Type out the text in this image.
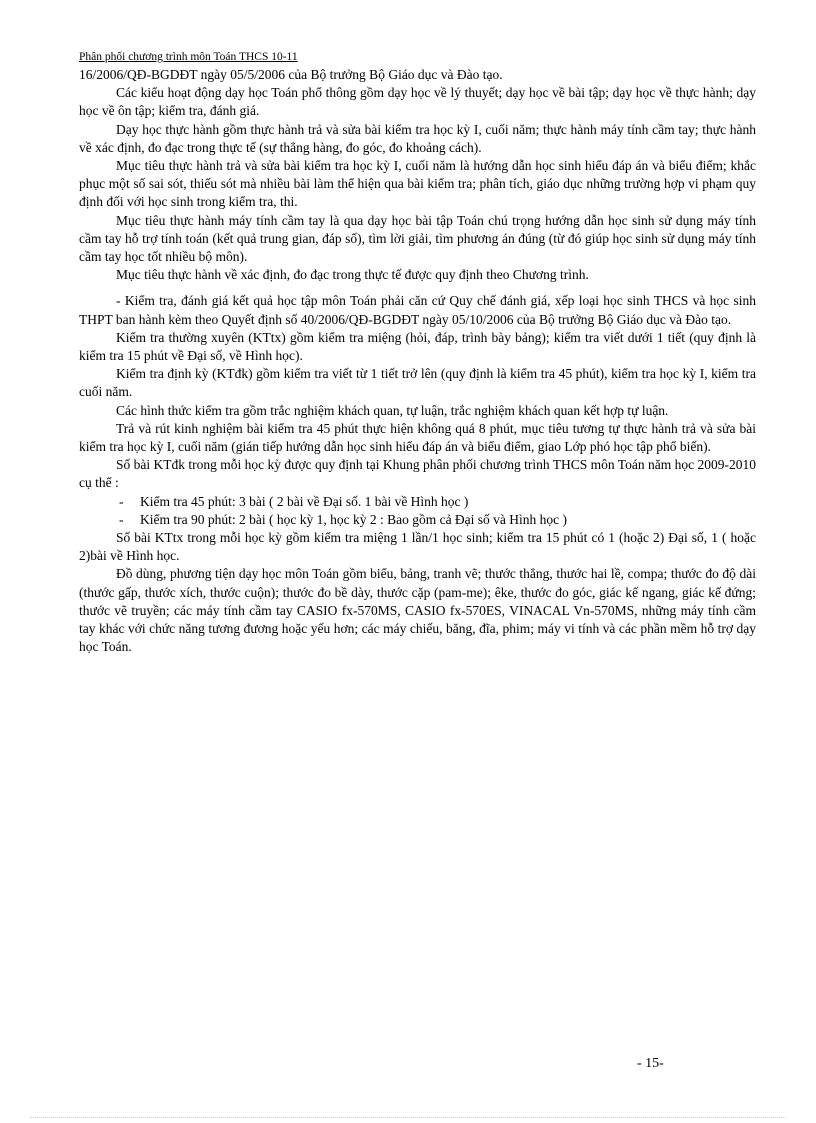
Phân phối chương trình môn Toán THCS 10-11

16/2006/QĐ-BGDĐT ngày 05/5/2006 của Bộ trưởng Bộ Giáo dục và Đào tạo.

Các kiểu hoạt động dạy học Toán phổ thông gồm dạy học về lý thuyết; dạy học về bài tập; dạy học về thực hành; dạy học về ôn tập; kiểm tra, đánh giá.

Dạy học thực hành gồm thực hành trả và sửa bài kiểm tra học kỳ I, cuối năm; thực hành máy tính cầm tay; thực hành về xác định, đo đạc trong thực tế (sự thẳng hàng, đo góc, đo khoảng cách).

Mục tiêu thực hành trả và sửa bài kiểm tra học kỳ I, cuối năm là hướng dẫn học sinh hiểu đáp án và biểu điểm; khắc phục một số sai sót, thiếu sót mà nhiều bài làm thể hiện qua bài kiểm tra; phân tích, giáo dục những trường hợp vi phạm quy định đối với học sinh trong kiểm tra, thi.

Mục tiêu thực hành máy tính cầm tay là qua dạy học bài tập Toán chú trọng hướng dẫn học sinh sử dụng máy tính cầm tay hỗ trợ tính toán (kết quả trung gian, đáp số), tìm lời giải, tìm phương án đúng (từ đó giúp học sinh sử dụng máy tính cầm tay học tốt nhiều bộ môn).

Mục tiêu thực hành về xác định, đo đạc trong thực tế được quy định theo Chương trình.

- Kiểm tra, đánh giá kết quả học tập môn Toán phải căn cứ Quy chế đánh giá, xếp loại học sinh THCS và học sinh THPT ban hành kèm theo Quyết định số 40/2006/QĐ-BGDĐT ngày 05/10/2006 của Bộ trưởng Bộ Giáo dục và Đào tạo.

Kiểm tra thường xuyên (KTtx) gồm kiểm tra miệng (hỏi, đáp, trình bày bảng); kiểm tra viết dưới 1 tiết (quy định là kiểm tra 15 phút về Đại số, về Hình học).

Kiểm tra định kỳ (KTđk) gồm kiểm tra viết từ 1 tiết trở lên (quy định là kiểm tra 45 phút), kiểm tra học kỳ I, kiểm tra cuối năm.

Các hình thức kiểm tra gồm trắc nghiệm khách quan, tự luận, trắc nghiệm khách quan kết hợp tự luận.

Trả và rút kinh nghiệm bài kiểm tra 45 phút thực hiện không quá 8 phút, mục tiêu tương tự thực hành trả và sửa bài kiểm tra học kỳ I, cuối năm (gián tiếp hướng dẫn học sinh hiểu đáp án và biểu điểm, giao Lớp phó học tập phổ biến).

Số bài KTđk trong mỗi học kỳ được quy định tại Khung phân phối chương trình THCS môn Toán năm học 2009-2010 cụ thể :

- Kiểm tra 45 phút: 3 bài ( 2 bài về Đại số. 1 bài về Hình học )
- Kiểm tra 90 phút: 2 bài ( học kỳ 1, học kỳ 2 : Bao gồm cả Đại số và Hình học )

Số bài KTtx trong mỗi học kỳ gồm kiểm tra miệng 1 lần/1 học sinh; kiểm tra 15 phút có 1 (hoặc 2) Đại số, 1 ( hoặc 2)bài về Hình học.

Đồ dùng, phương tiện dạy học môn Toán gồm biểu, bảng, tranh vẽ; thước thẳng, thước hai lề, compa; thước đo độ dài (thước gấp, thước xích, thước cuộn); thước đo bề dày, thước cặp (pam-me); êke, thước đo góc, giác kế ngang, giác kế đứng; thước vẽ truyền; các máy tính cầm tay CASIO fx-570MS, CASIO fx-570ES, VINACAL Vn-570MS, những máy tính cầm tay khác với chức năng tương đương hoặc yếu hơn; các máy chiếu, băng, đĩa, phim; máy vi tính và các phần mềm hỗ trợ dạy học Toán.

- 15-
